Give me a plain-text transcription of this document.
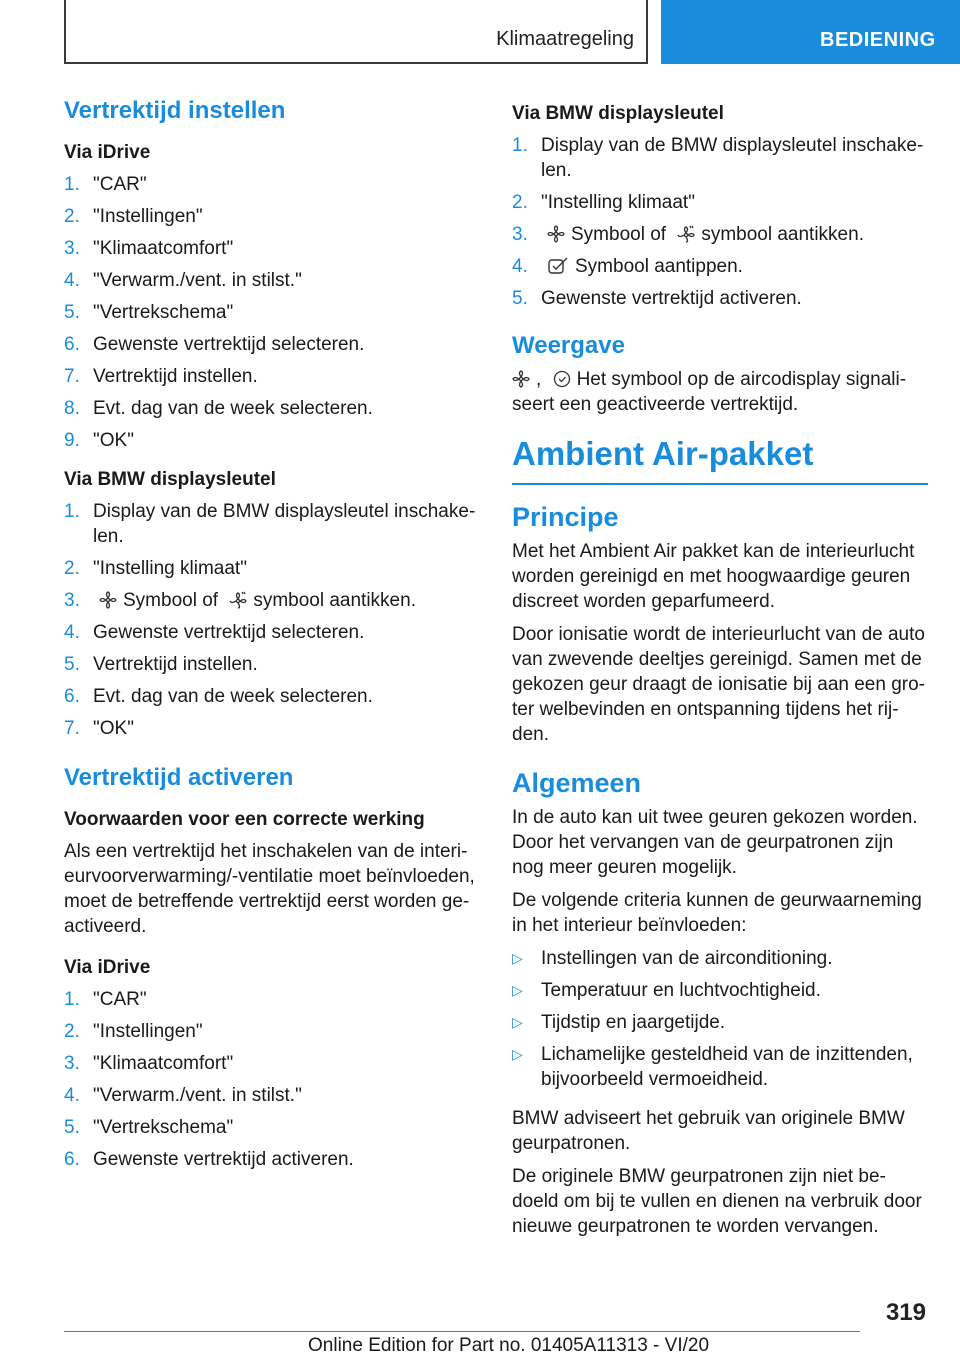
Klimaatregeling	BEDIENING
Vertrektijd instellen
Via iDrive
1. "CAR"
2. "Instellingen"
3. "Klimaatcomfort"
4. "Verwarm./vent. in stilst."
5. "Vertrekschema"
6. Gewenste vertrektijd selecteren.
7. Vertrektijd instellen.
8. Evt. dag van de week selecteren.
9. "OK"
Via BMW displaysleutel
1. Display van de BMW displaysleutel inschake‐len.
2. "Instelling klimaat"
3. Symbool of symbool aantikken.
4. Gewenste vertrektijd selecteren.
5. Vertrektijd instellen.
6. Evt. dag van de week selecteren.
7. "OK"
Vertrektijd activeren
Voorwaarden voor een correcte werking

Als een vertrektijd het inschakelen van de interi‐eurvoorverwarming/-ventilatie moet beïnvloeden, moet de betreffende vertrektijd eerst worden ge‐activeerd.

Via iDrive
1. "CAR"
2. "Instellingen"
3. "Klimaatcomfort"
4. "Verwarm./vent. in stilst."
5. "Vertrekschema"
6. Gewenste vertrektijd activeren.
Via BMW displaysleutel
1. Display van de BMW displaysleutel inschake‐len.
2. "Instelling klimaat"
3. Symbool of symbool aantikken.
4. Symbool aantippen.
5. Gewenste vertrektijd activeren.
Weergave

, Het symbool op de aircodisplay signali‐seert een geactiveerde vertrektijd.

Ambient Air-pakket
Principe

Met het Ambient Air pakket kan de interieurlucht worden gereinigd en met hoogwaardige geuren discreet worden geparfumeerd.

Door ionisatie wordt de interieurlucht van de auto van zwevende deeltjes gereinigd. Samen met de gekozen geur draagt de ionisatie bij aan een gro‐ter welbevinden en ontspanning tijdens het rij‐den.

Algemeen

In de auto kan uit twee geuren gekozen worden. Door het vervangen van de geurpatronen zijn nog meer geuren mogelijk.

De volgende criteria kunnen de geurwaarneming in het interieur beïnvloeden:

▷ Instellingen van de airconditioning.
▷ Temperatuur en luchtvochtigheid.
▷ Tijdstip en jaargetijde.
▷ Lichamelijke gesteldheid van de inzittenden, bijvoorbeeld vermoeidheid.

BMW adviseert het gebruik van originele BMW geurpatronen.

De originele BMW geurpatronen zijn niet be‐doeld om bij te vullen en dienen na verbruik door nieuwe geurpatronen te worden vervangen.

319
Online Edition for Part no. 01405A11313 - VI/20
